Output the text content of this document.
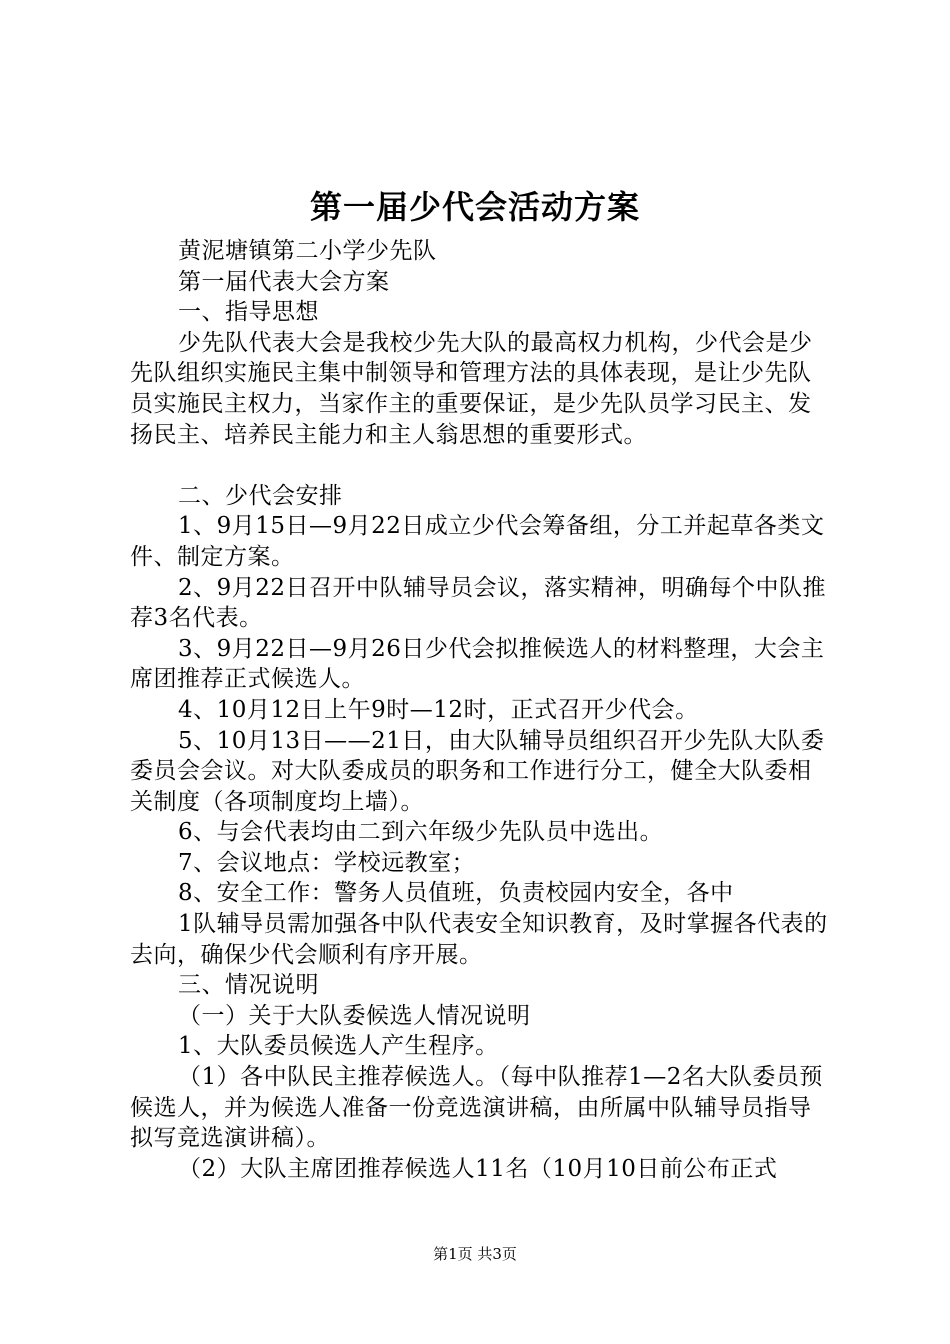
第一届少代会活动方案

黄泥塘镇第二小学少先队

第一届代表大会方案

一、指导思想

少先队代表大会是我校少先大队的最高权力机构，少代会是少先队组织实施民主集中制领导和管理方法的具体表现，是让少先队员实施民主权力，当家作主的重要保证，是少先队员学习民主、发扬民主、培养民主能力和主人翁思想的重要形式。

二、少代会安排

1、9月15日—9月22日成立少代会筹备组，分工并起草各类文件、制定方案。

2、9月22日召开中队辅导员会议，落实精神，明确每个中队推荐3名代表。

3、9月22日—9月26日少代会拟推候选人的材料整理，大会主席团推荐正式候选人。

4、10月12日上午9时—12时，正式召开少代会。

5、10月13日——21日，由大队辅导员组织召开少先队大队委委员会会议。对大队委成员的职务和工作进行分工，健全大队委相关制度（各项制度均上墙）。

6、与会代表均由二到六年级少先队员中选出。

7、会议地点：学校远教室；

8、安全工作：警务人员值班，负责校园内安全，各中

1队辅导员需加强各中队代表安全知识教育，及时掌握各代表的去向，确保少代会顺利有序开展。

三、情况说明

（一）关于大队委候选人情况说明

1、大队委员候选人产生程序。

（1）各中队民主推荐候选人。（每中队推荐1—2名大队委员预候选人，并为候选人准备一份竞选演讲稿，由所属中队辅导员指导拟写竞选演讲稿）。

（2）大队主席团推荐候选人11名（10月10日前公布正式

第1页 共3页
